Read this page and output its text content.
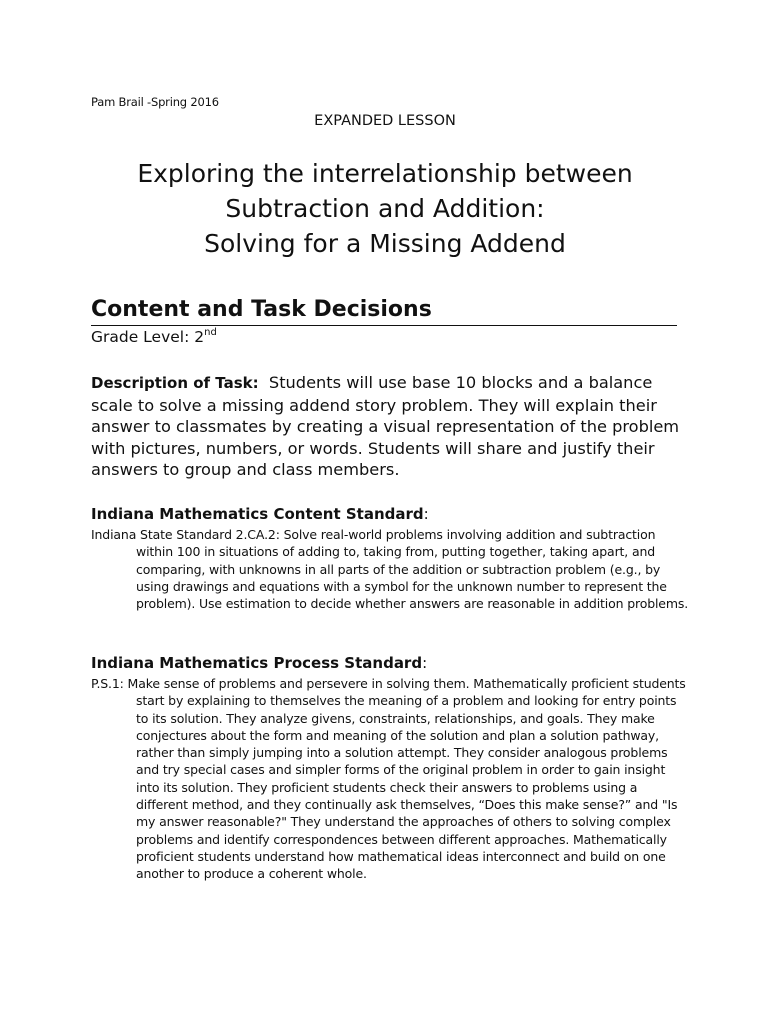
Pam Brail -Spring 2016
EXPANDED LESSON
Exploring the interrelationship between
Subtraction and Addition:
Solving for a Missing Addend
Content and Task Decisions
Grade Level: 2nd

Description of Task: Students will use base 10 blocks and a balance scale to solve a missing addend story problem. They will explain their answer to classmates by creating a visual representation of the problem with pictures, numbers, or words. Students will share and justify their answers to group and class members.

Indiana Mathematics Content Standard:

Indiana State Standard 2.CA.2: Solve real-world problems involving addition and subtraction within 100 in situations of adding to, taking from, putting together, taking apart, and comparing, with unknowns in all parts of the addition or subtraction problem (e.g., by using drawings and equations with a symbol for the unknown number to represent the problem). Use estimation to decide whether answers are reasonable in addition problems.

Indiana Mathematics Process Standard:

P.S.1: Make sense of problems and persevere in solving them. Mathematically proficient students start by explaining to themselves the meaning of a problem and looking for entry points to its solution. They analyze givens, constraints, relationships, and goals. They make conjectures about the form and meaning of the solution and plan a solution pathway, rather than simply jumping into a solution attempt. They consider analogous problems and try special cases and simpler forms of the original problem in order to gain insight into its solution. They proficient students check their answers to problems using a different method, and they continually ask themselves, “Does this make sense?” and "Is my answer reasonable?" They understand the approaches of others to solving complex problems and identify correspondences between different approaches. Mathematically proficient students understand how mathematical ideas interconnect and build on one another to produce a coherent whole.
